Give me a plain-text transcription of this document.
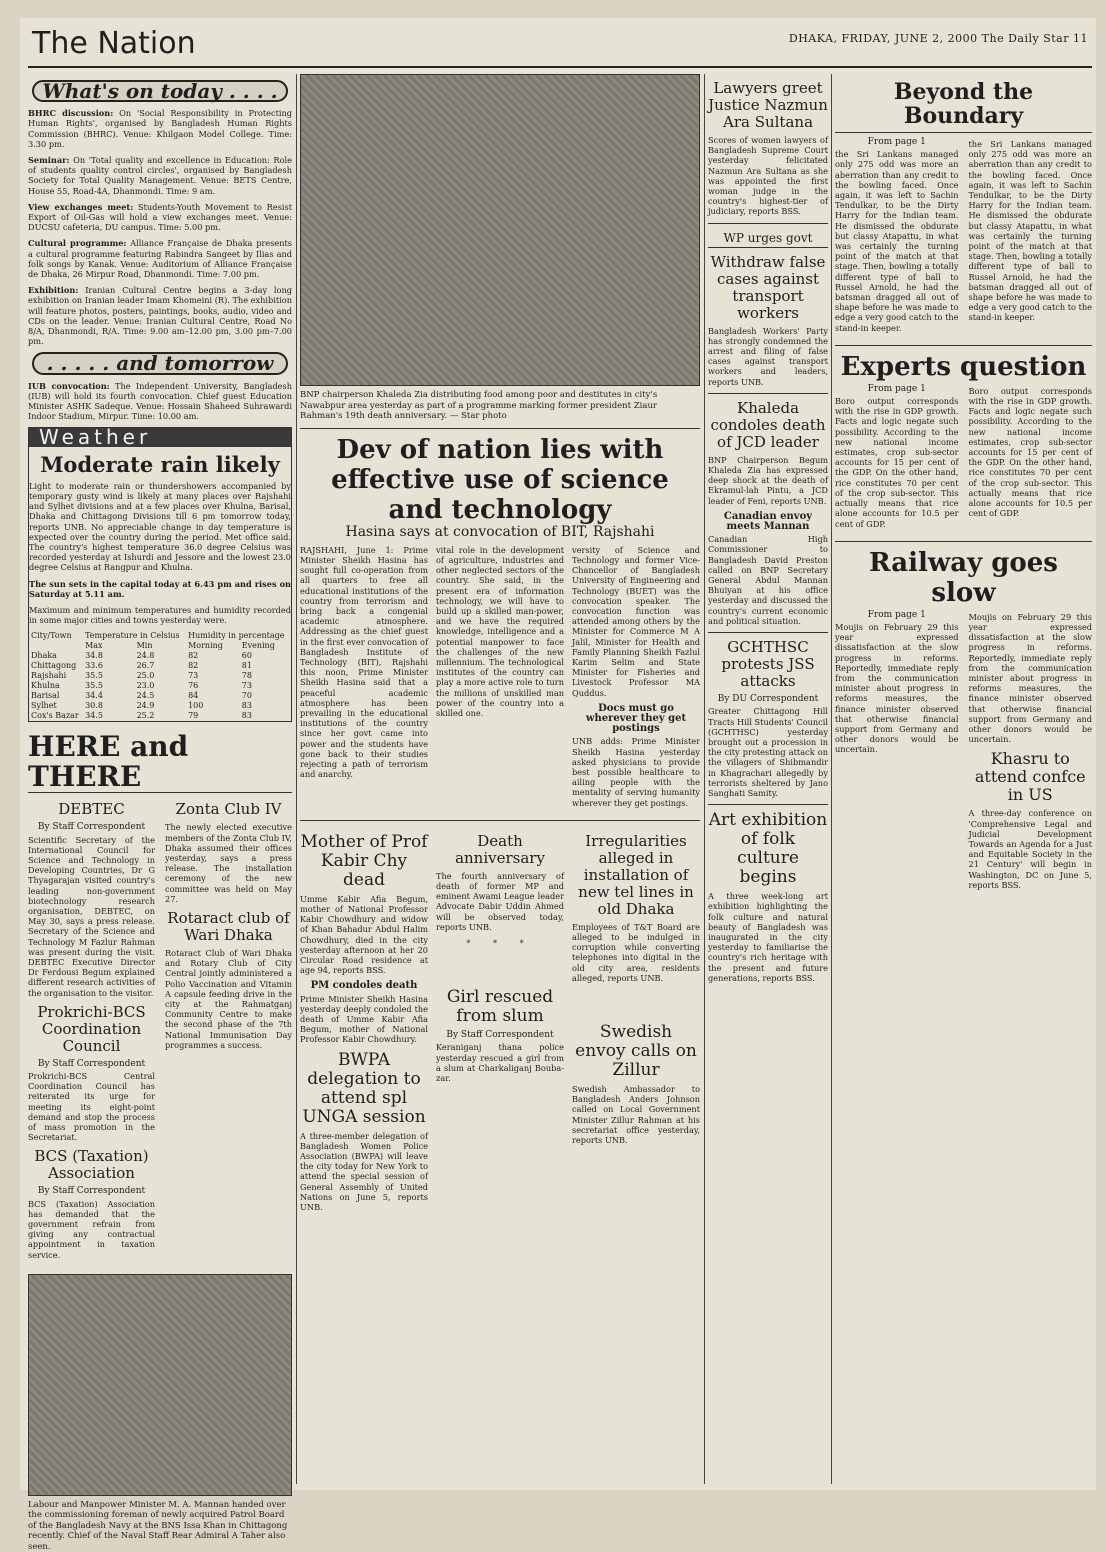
The Nation	DHAKA, FRIDAY, JUNE 2, 2000 The Daily Star 11
What's on today . . . .

BHRC discussion: On 'Social Responsibility in Protecting Human Rights', organised by Bangladesh Human Rights Commission (BHRC). Venue: Khilgaon Model College. Time: 3.30 pm.

Seminar: On 'Total quality and excellence in Education: Role of students quality control circles', organised by Bangladesh Society for Total Quality Management. Venue: BETS Centre, House 55, Road-4A, Dhanmondi. Time: 9 am.

View exchanges meet: Students-Youth Movement to Resist Export of Oil-Gas will hold a view exchanges meet. Venue: DUCSU cafeteria, DU campus. Time: 5.00 pm.

Cultural programme: Alliance Française de Dhaka presents a cultural programme featuring Rabindra Sangeet by Ilias and folk songs by Kanak. Venue: Auditorium of Alliance Française de Dhaka, 26 Mirpur Road, Dhanmondi. Time: 7.00 pm.

Exhibition: Iranian Cultural Centre begins a 3-day long exhibition on Iranian leader Imam Khomeini (R). The exhibition will feature photos, posters, paintings, books, audio, video and CDs on the leader. Venue: Iranian Cultural Centre, Road No 8/A, Dhanmondi, R/A. Time: 9.00 am–12.00 pm, 3.00 pm–7.00 pm.

. . . . . and tomorrow

IUB convocation: The Independent University, Bangladesh (IUB) will hold its fourth convocation. Chief guest Education Minister ASHK Sadeque. Venue: Hossain Shaheed Suhrawardi Indoor Stadium, Mirpur. Time: 10.00 am.

Weather
Moderate rain likely

Light to moderate rain or thundershowers accompanied by temporary gusty wind is likely at many places over Rajshahi and Sylhet divisions and at a few places over Khulna, Barisal, Dhaka and Chittagong Divisions till 6 pm tomorrow today, reports UNB. No appreciable change in day temperature is expected over the country during the period. Met office said. The country's highest temperature 36.0 degree Celsius was recorded yesterday at Ishurdi and Jessore and the lowest 23.0 degree Celsius at Rangpur and Khulna.

The sun sets in the capital today at 6.43 pm and rises on Saturday at 5.11 am.

Maximum and minimum temperatures and humidity recorded in some major cities and towns yesterday were.

City/Town	Temperature in Celsius		Humidity in percentage	
	Max	Min	Morning	Evening
Dhaka	34.8	24.8	82	60
Chittagong	33.6	26.7	82	81
Rajshahi	35.5	25.0	73	78
Khulna	35.5	23.0	76	73
Barisal	34.4	24.5	84	70
Sylhet	30.8	24.9	100	83
Cox's Bazar	34.5	25.2	79	83
HERE and THERE
DEBTEC
By Staff Correspondent

Scientific Secretary of the International Council for Science and Technology in Developing Countries, Dr G Thyagarajan visited country's leading non-government biotechnology research organisation, DEBTEC, on May 30, says a press release. Secretary of the Science and Technology M Fazlur Rahman was present during the visit. DEBTEC Executive Director Dr Ferdousi Begum explained different research activities of the organisation to the visitor.

Prokrichi-BCS Coordination Council
By Staff Correspondent

Prokrichi-BCS Central Coordination Council has reiterated its urge for meeting its eight-point demand and stop the process of mass promotion in the Secretariat.

BCS (Taxation) Association
By Staff Correspondent

BCS (Taxation) Association has demanded that the government refrain from giving any contractual appointment in taxation service.

Zonta Club IV

The newly elected executive members of the Zonta Club IV, Dhaka assumed their offices yesterday, says a press release. The installation ceremony of the new committee was held on May 27.

Rotaract club of Wari Dhaka

Rotaract Club of Wari Dhaka and Rotary Club of City Central jointly administered a Polio Vaccination and Vitamin A capsule feeding drive in the city at the Rahmatganj Community Centre to make the second phase of the 7th National Immunisation Day programmes a success.

Labour and Manpower Minister M. A. Mannan handed over the commissioning foreman of newly acquired Patrol Board of the Bangladesh Navy at the BNS Issa Khan in Chittagong recently. Chief of the Naval Staff Rear Admiral A Taher also seen.
BNP chairperson Khaleda Zia distributing food among poor and destitutes in city's Nawabpur area yesterday as part of a programme marking former president Ziaur Rahman's 19th death anniversary. — Star photo
Dev of nation lies with effective use of science and technology
Hasina says at convocation of BIT, Rajshahi

RAJSHAHI, June 1: Prime Minister Sheikh Hasina has sought full co-operation from all quarters to free all educational institutions of the country from terrorism and bring back a congenial academic atmosphere. Addressing as the chief guest in the first ever convocation of Bangladesh Institute of Technology (BIT), Rajshahi this noon, Prime Minister Sheikh Hasina said that a peaceful academic atmosphere has been prevailing in the educational institutions of the country since her govt came into power and the students have gone back to their studies rejecting a path of terrorism and anarchy.

vital role in the development of agriculture, industries and other neglected sectors of the country. She said, in the present era of information technology, we will have to build up a skilled man-power, and we have the required knowledge, intelligence and a potential manpower to face the challenges of the new millennium. The technological institutes of the country can play a more active role to turn the millions of unskilled man power of the country into a skilled one.

versity of Science and Technology and former Vice-Chancellor of Bangladesh University of Engineering and Technology (BUET) was the convocation speaker. The convocation function was attended among others by the Minister for Commerce M A Jalil, Minister for Health and Family Planning Sheikh Fazlul Karim Selim and State Minister for Fisheries and Livestock Professor MA Quddus.

Docs must go wherever they get postings

UNB adds: Prime Minister Sheikh Hasina yesterday asked physicians to provide best possible healthcare to ailing people with the mentality of serving humanity wherever they get postings.

Mother of Prof Kabir Chy dead

Umme Kabir Afia Begum, mother of National Professor Kabir Chowdhury and widow of Khan Bahadur Abdul Halim Chowdhury, died in the city yesterday afternoon at her 20 Circular Road residence at age 94, reports BSS.

PM condoles death

Prime Minister Sheikh Hasina yesterday deeply condoled the death of Umme Kabir Afia Begum, mother of National Professor Kabir Chowdhury.

BWPA delegation to attend spl UNGA session

A three-member delegation of Bangladesh Women Police Association (BWPA) will leave the city today for New York to attend the special session of General Assembly of United Nations on June 5, reports UNB.

Death anniversary

The fourth anniversary of death of former MP and eminent Awami League leader Advocate Dabir Uddin Ahmed will be observed today, reports UNB.

* * *
Girl rescued from slum
By Staff Correspondent

Keraniganj thana police yesterday rescued a girl from a slum at Charkaliganj Bouba-zar.

Irregularities alleged in installation of new tel lines in old Dhaka

Employees of T&T Board are alleged to be indulged in corruption while converting telephones into digital in the old city area, residents alleged, reports UNB.

Swedish envoy calls on Zillur

Swedish Ambassador to Bangladesh Anders Johnson called on Local Government Minister Zillur Rahman at his secretariat office yesterday, reports UNB.

Lawyers greet Justice Nazmun Ara Sultana

Scores of women lawyers of Bangladesh Supreme Court yesterday felicitated Nazmun Ara Sultana as she was appointed the first woman judge in the country's highest-tier of judiciary, reports BSS.

WP urges govt
Withdraw false cases against transport workers

Bangladesh Workers' Party has strongly condemned the arrest and filing of false cases against transport workers and leaders, reports UNB.

Khaleda condoles death of JCD leader

BNP Chairperson Begum Khaleda Zia has expressed deep shock at the death of Ekramul-lah Pintu, a JCD leader of Feni, reports UNB.

Canadian envoy meets Mannan

Canadian High Commissioner to Bangladesh David Preston called on BNP Secretary General Abdul Mannan Bhuiyan at his office yesterday and discussed the country's current economic and political situation.

GCHTHSC protests JSS attacks
By DU Correspondent

Greater Chittagong Hill Tracts Hill Students' Council (GCHTHSC) yesterday brought out a procession in the city protesting attack on the villagers of Shibmandir in Khagrachari allegedly by terrorists sheltered by Jano Sanghati Samity.

Art exhibition of folk culture begins

A three week-long art exhibition highlighting the folk culture and natural beauty of Bangladesh was inaugurated in the city yesterday to familiarise the country's rich heritage with the present and future generations, reports BSS.

Beyond the Boundary
From page 1

the Sri Lankans managed only 275 odd was more an aberration than any credit to the bowling faced. Once again, it was left to Sachin Tendulkar, to be the Dirty Harry for the Indian team. He dismissed the obdurate but classy Atapattu, in what was certainly the turning point of the match at that stage. Then, bowling a totally different type of ball to Russel Arnold, he had the batsman dragged all out of shape before he was made to edge a very good catch to the stand-in keeper.

the Sri Lankans managed only 275 odd was more an aberration than any credit to the bowling faced. Once again, it was left to Sachin Tendulkar, to be the Dirty Harry for the Indian team. He dismissed the obdurate but classy Atapattu, in what was certainly the turning point of the match at that stage. Then, bowling a totally different type of ball to Russel Arnold, he had the batsman dragged all out of shape before he was made to edge a very good catch to the stand-in keeper.

Experts question
From page 1

Boro output corresponds with the rise in GDP growth. Facts and logic negate such possibility. According to the new national income estimates, crop sub-sector accounts for 15 per cent of the GDP. On the other hand, rice constitutes 70 per cent of the crop sub-sector. This actually means that rice alone accounts for 10.5 per cent of GDP.

Boro output corresponds with the rise in GDP growth. Facts and logic negate such possibility. According to the new national income estimates, crop sub-sector accounts for 15 per cent of the GDP. On the other hand, rice constitutes 70 per cent of the crop sub-sector. This actually means that rice alone accounts for 10.5 per cent of GDP.

Railway goes slow
From page 1

Moujis on February 29 this year expressed dissatisfaction at the slow progress in reforms. Reportedly, immediate reply from the communication minister about progress in reforms measures, the finance minister observed that otherwise financial support from Germany and other donors would be uncertain.

Moujis on February 29 this year expressed dissatisfaction at the slow progress in reforms. Reportedly, immediate reply from the communication minister about progress in reforms measures, the finance minister observed that otherwise financial support from Germany and other donors would be uncertain.

Khasru to attend confce in US

A three-day conference on 'Comprehensive Legal and Judicial Development Towards an Agenda for a Just and Equitable Society in the 21 Century' will begin in Washington, DC on June 5, reports BSS.
